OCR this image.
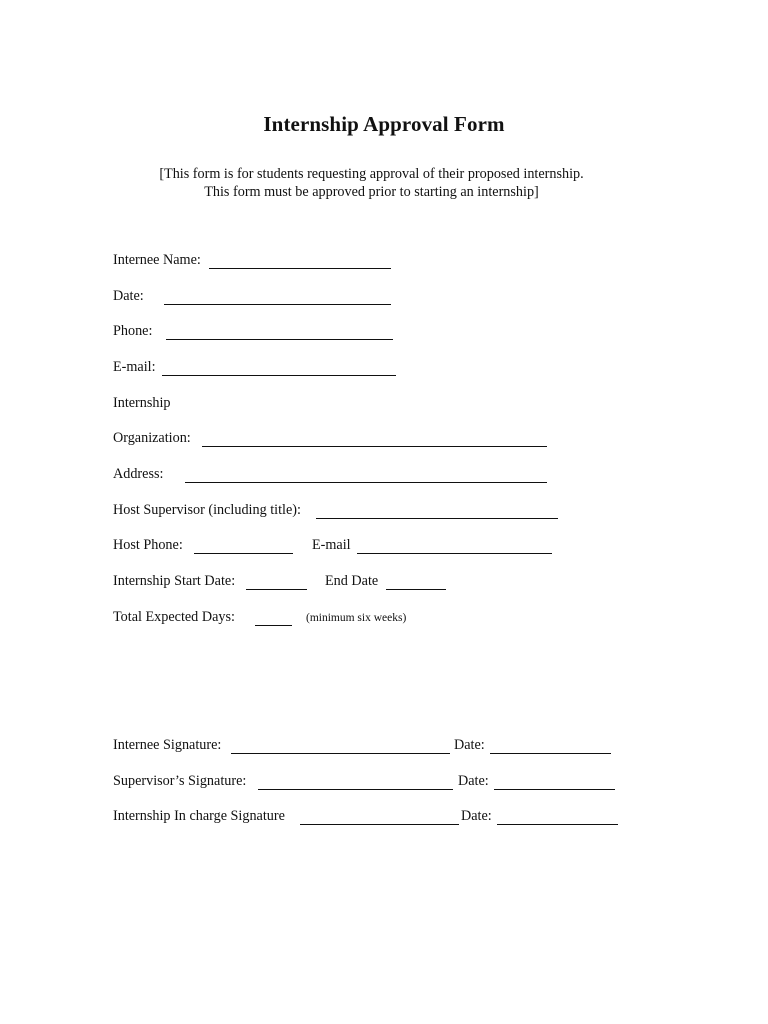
Internship Approval Form
[This form is for students requesting approval of their proposed internship.
This form must be approved prior to starting an internship]
Internee Name:
Date:
Phone:
E-mail:
Internship
Organization:
Address:
Host Supervisor (including title):
Host Phone:	E-mail
Internship Start Date:	End Date
Total Expected Days:	(minimum six weeks)
Internee Signature:	Date:
Supervisor’s Signature:	Date:
Internship In charge Signature	Date:
